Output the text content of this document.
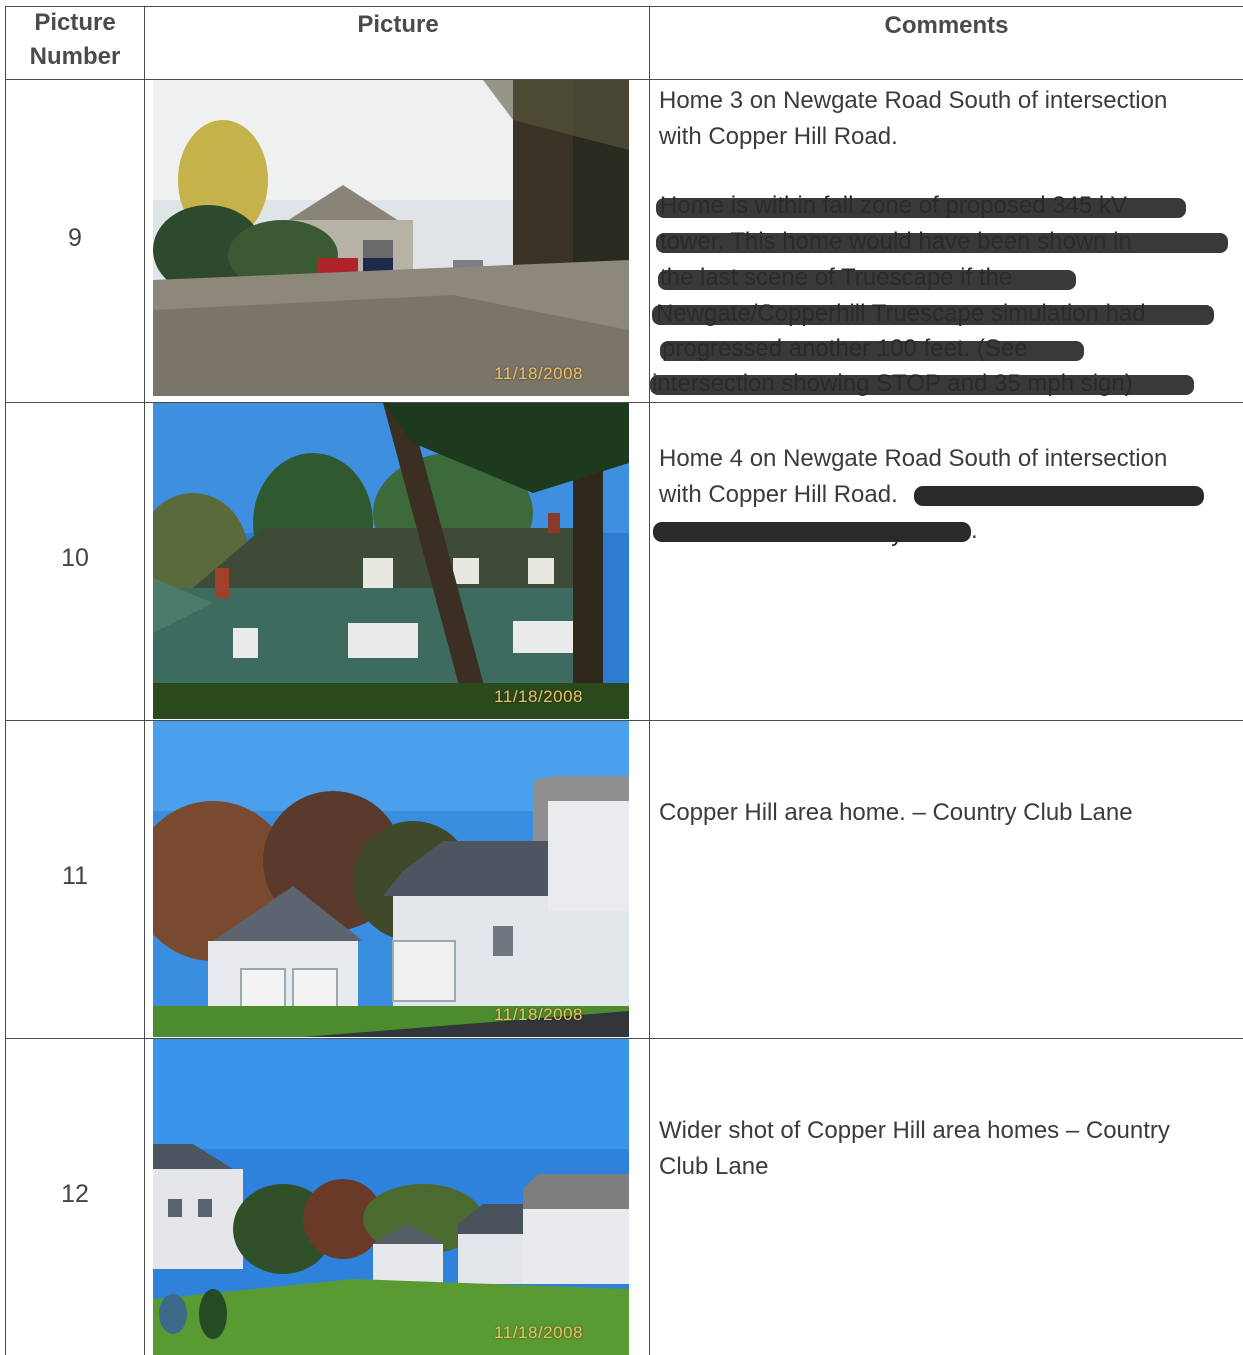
Picture Number
Picture	Comments
9
11/18/2008
Home 3 on Newgate Road South of intersection
with Copper Hill Road.
10
11/18/2008
Home 4 on Newgate Road South of intersection
with Copper Hill Road.
.
11
11/18/2008
Copper Hill area home. – Country Club Lane
12
11/18/2008
Wider shot of Copper Hill area homes – Country
Club Lane
